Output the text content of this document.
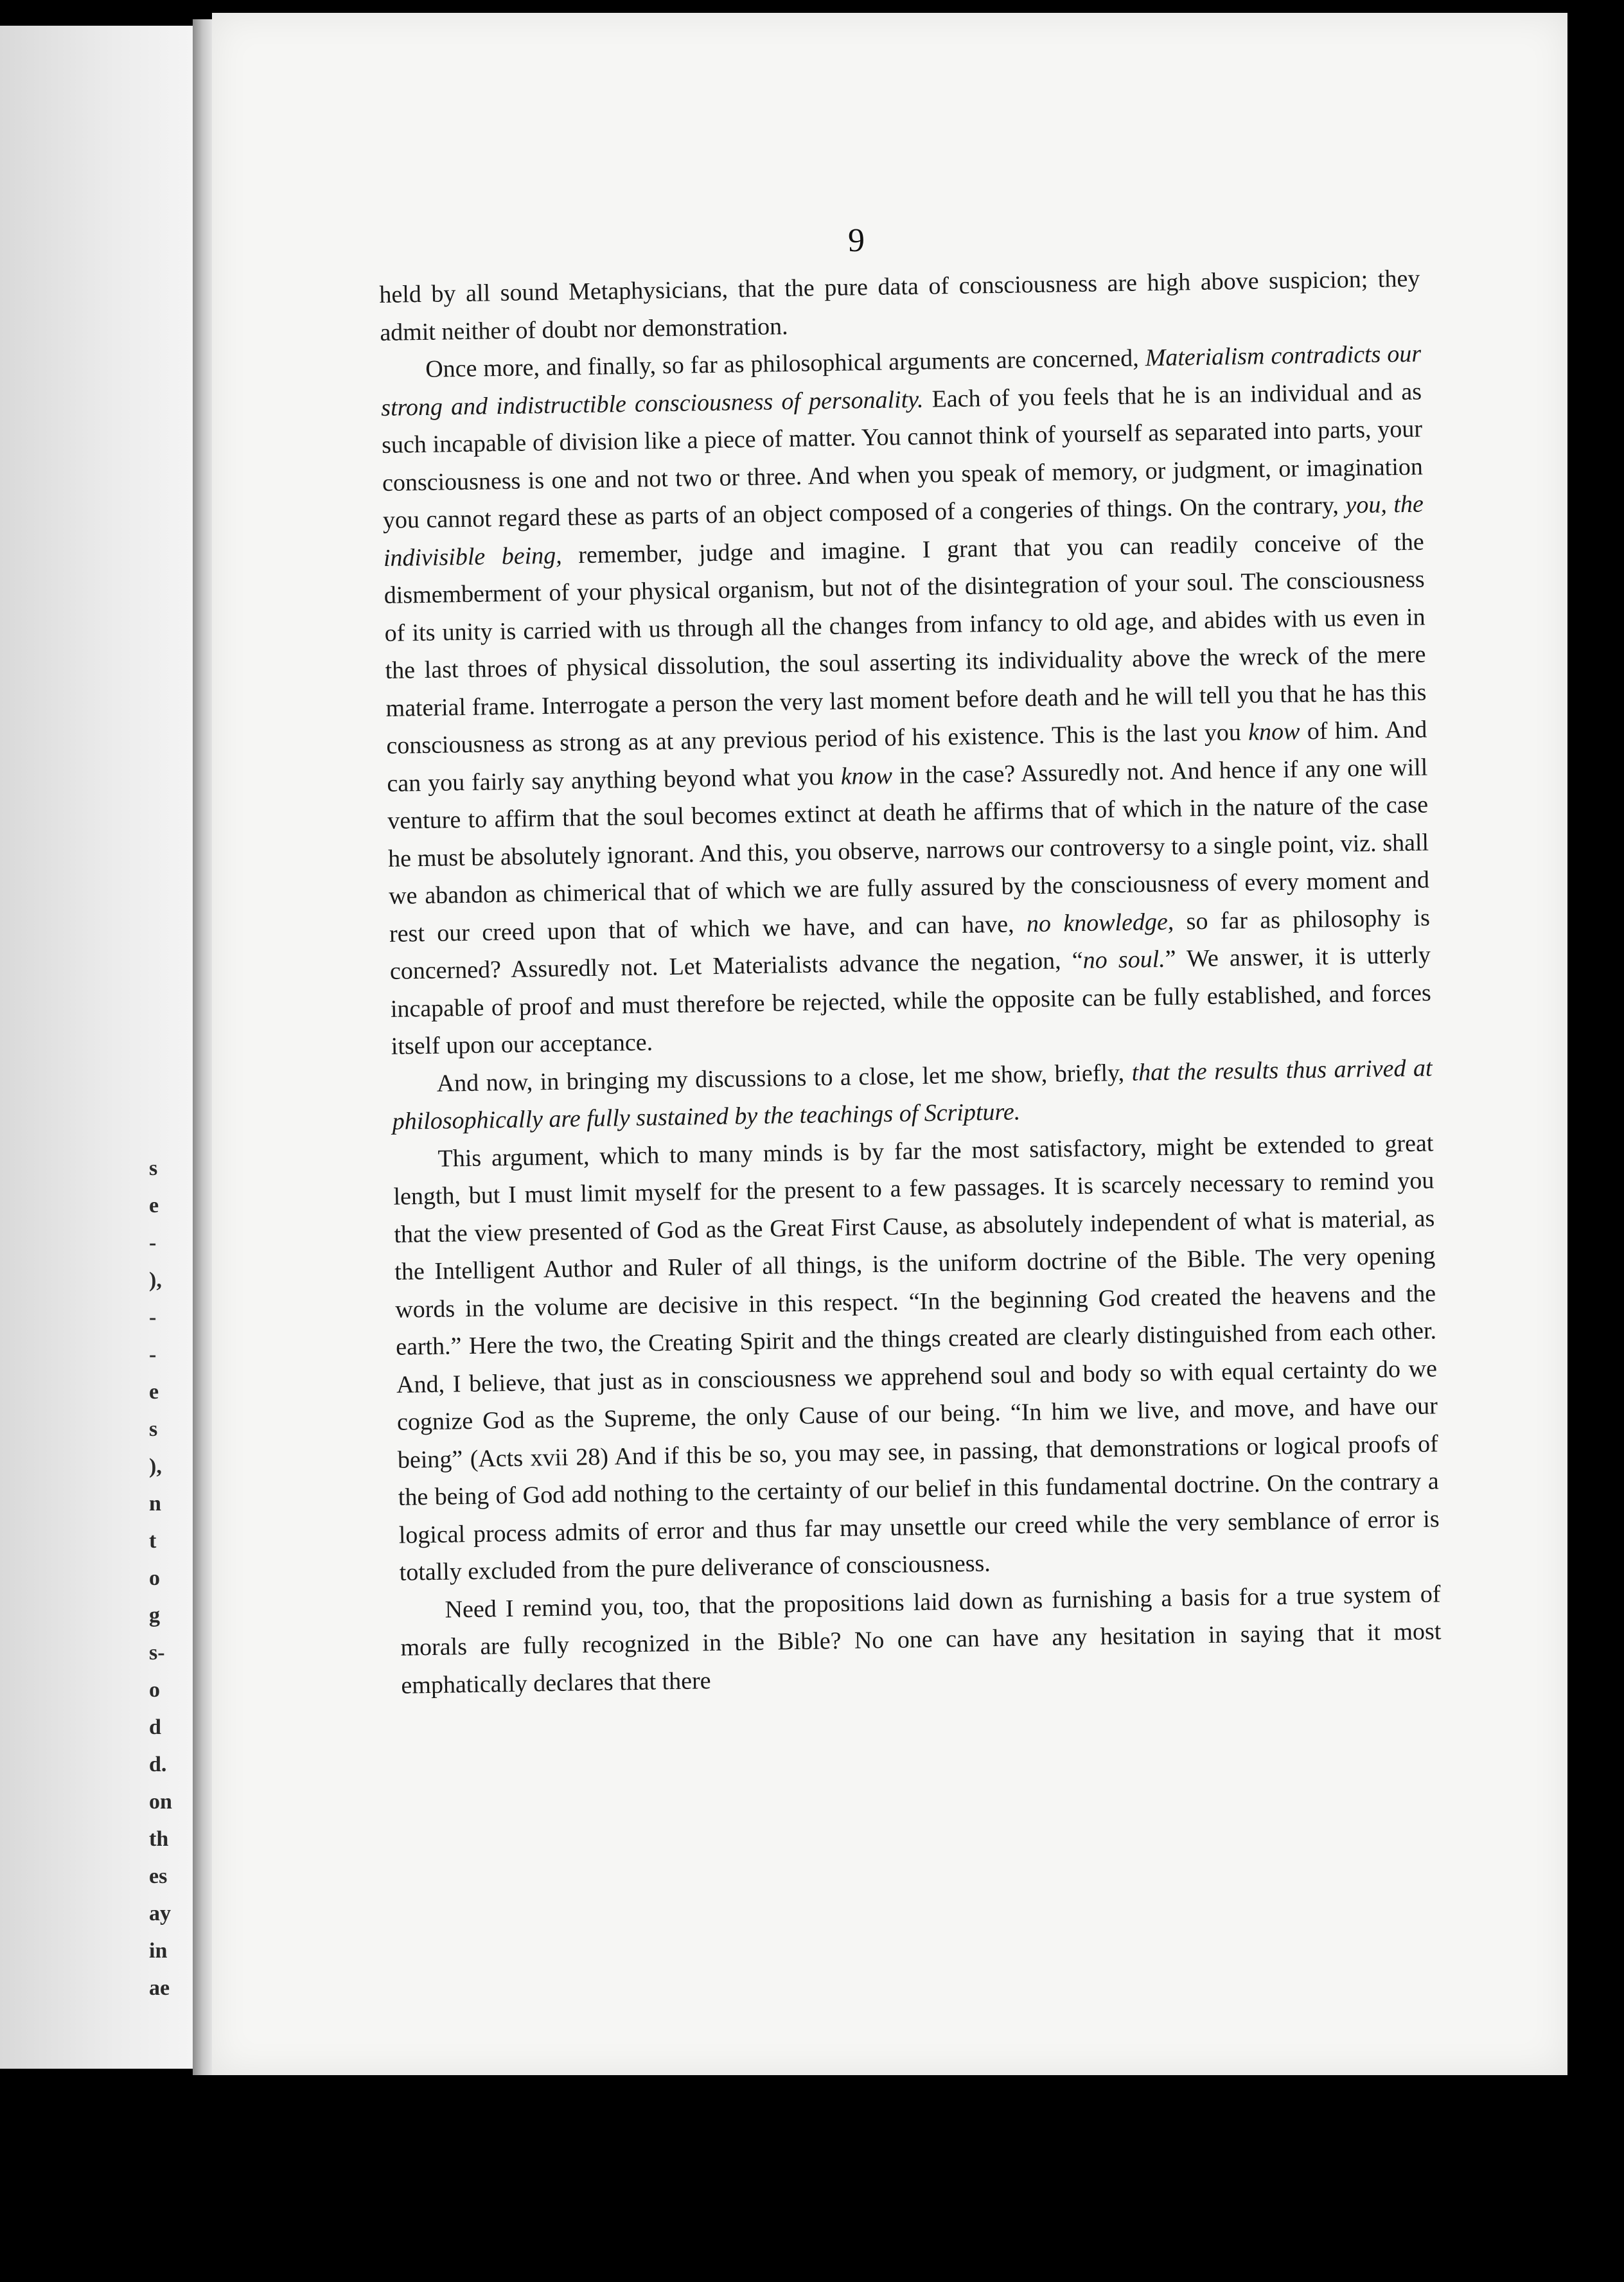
s
e
-
),
-
-
e
s
),
n
t
o
g
s-
o
d
d.
on
th
es
ay
in
ae
9

held by all sound Metaphysicians, that the pure data of consciousness are high above suspicion; they admit neither of doubt nor demonstration.

Once more, and finally, so far as philosophical arguments are concerned, Materialism contradicts our strong and indistructible consciousness of personality. Each of you feels that he is an individual and as such incapable of division like a piece of matter. You cannot think of yourself as separated into parts, your consciousness is one and not two or three. And when you speak of memory, or judgment, or imagination you cannot regard these as parts of an object composed of a congeries of things. On the contrary, you, the indivisible being, remember, judge and imagine. I grant that you can readily conceive of the dismemberment of your physical organism, but not of the disintegration of your soul. The consciousness of its unity is carried with us through all the changes from infancy to old age, and abides with us even in the last throes of physical dissolution, the soul asserting its individuality above the wreck of the mere material frame. Interrogate a person the very last moment before death and he will tell you that he has this consciousness as strong as at any previous period of his existence. This is the last you know of him. And can you fairly say anything beyond what you know in the case? Assuredly not. And hence if any one will venture to affirm that the soul becomes extinct at death he affirms that of which in the nature of the case he must be absolutely ignorant. And this, you observe, narrows our controversy to a single point, viz. shall we abandon as chimerical that of which we are fully assured by the consciousness of every moment and rest our creed upon that of which we have, and can have, no knowledge, so far as philosophy is concerned? Assuredly not. Let Materialists advance the negation, “no soul.” We answer, it is utterly incapable of proof and must therefore be rejected, while the opposite can be fully established, and forces itself upon our acceptance.

And now, in bringing my discussions to a close, let me show, briefly, that the results thus arrived at philosophically are fully sustained by the teachings of Scripture.

This argument, which to many minds is by far the most satisfactory, might be extended to great length, but I must limit myself for the present to a few passages. It is scarcely necessary to remind you that the view presented of God as the Great First Cause, as absolutely independent of what is material, as the Intelligent Author and Ruler of all things, is the uniform doctrine of the Bible. The very opening words in the volume are decisive in this respect. “In the beginning God created the heavens and the earth.” Here the two, the Creating Spirit and the things created are clearly distinguished from each other. And, I believe, that just as in consciousness we apprehend soul and body so with equal certainty do we cognize God as the Supreme, the only Cause of our being. “In him we live, and move, and have our being” (Acts xvii 28) And if this be so, you may see, in passing, that demonstrations or logical proofs of the being of God add nothing to the certainty of our belief in this fundamental doctrine. On the contrary a logical process admits of error and thus far may unsettle our creed while the very semblance of error is totally excluded from the pure deliverance of consciousness.

Need I remind you, too, that the propositions laid down as furnishing a basis for a true system of morals are fully recognized in the Bible? No one can have any hesitation in saying that it most emphatically declares that there
